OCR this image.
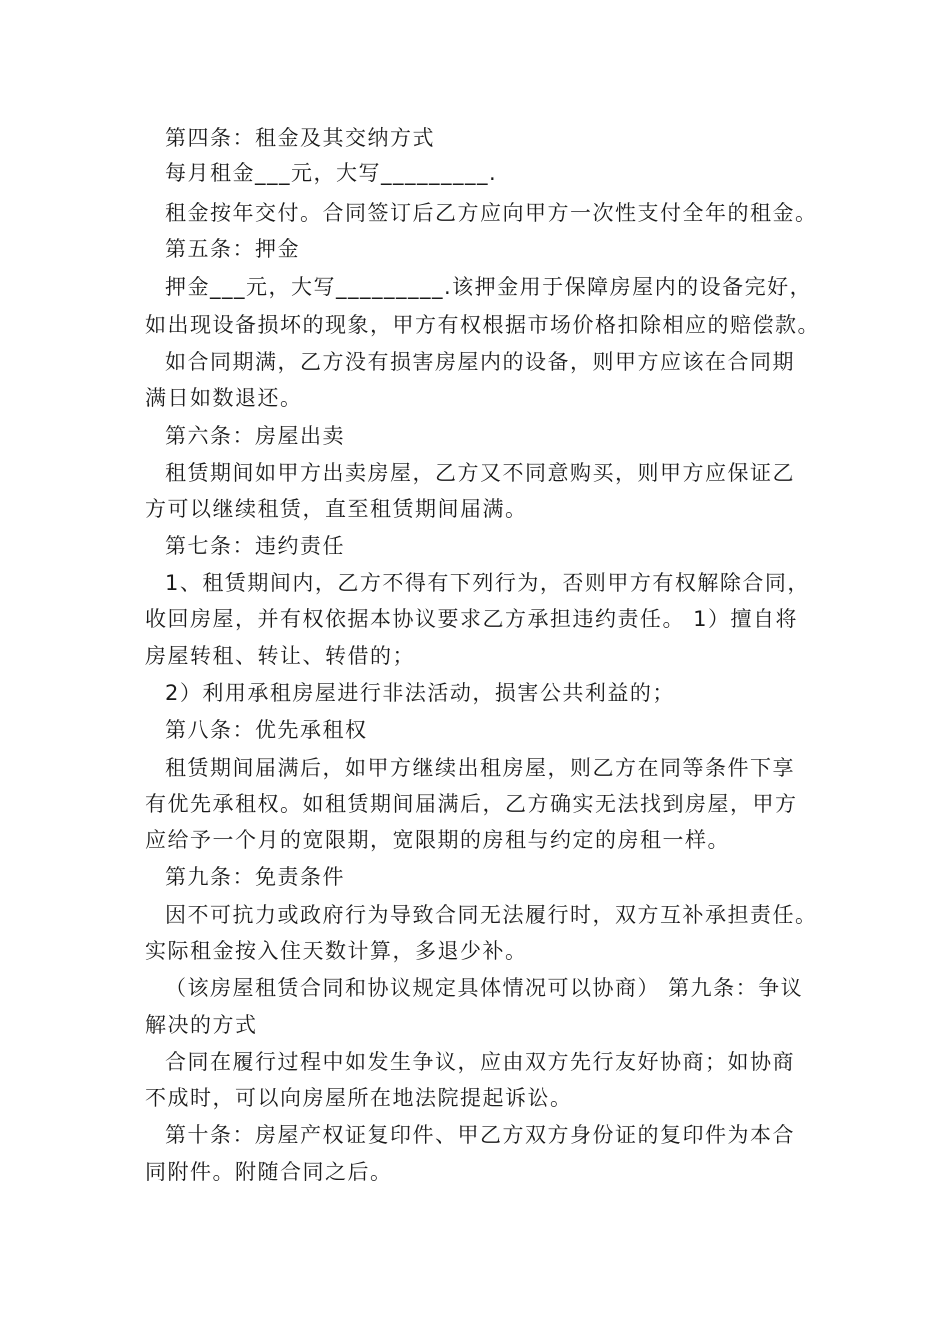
第四条：租金及其交纳方式
每月租金___元，大写_________.
租金按年交付。合同签订后乙方应向甲方一次性支付全年的租金。
第五条：押金
押金___元，大写_________.该押金用于保障房屋内的设备完好，
如出现设备损坏的现象，甲方有权根据市场价格扣除相应的赔偿款。
如合同期满，乙方没有损害房屋内的设备，则甲方应该在合同期
满日如数退还。
第六条：房屋出卖
租赁期间如甲方出卖房屋，乙方又不同意购买，则甲方应保证乙
方可以继续租赁，直至租赁期间届满。
第七条：违约责任
1、租赁期间内，乙方不得有下列行为，否则甲方有权解除合同，
收回房屋，并有权依据本协议要求乙方承担违约责任。 1）擅自将
房屋转租、转让、转借的；
2）利用承租房屋进行非法活动，损害公共利益的；
第八条：优先承租权
租赁期间届满后，如甲方继续出租房屋，则乙方在同等条件下享
有优先承租权。如租赁期间届满后，乙方确实无法找到房屋，甲方
应给予一个月的宽限期，宽限期的房租与约定的房租一样。
第九条：免责条件
因不可抗力或政府行为导致合同无法履行时，双方互补承担责任。
实际租金按入住天数计算，多退少补。
（该房屋租赁合同和协议规定具体情况可以协商） 第九条：争议
解决的方式
合同在履行过程中如发生争议，应由双方先行友好协商；如协商
不成时，可以向房屋所在地法院提起诉讼。
第十条：房屋产权证复印件、甲乙方双方身份证的复印件为本合
同附件。附随合同之后。
